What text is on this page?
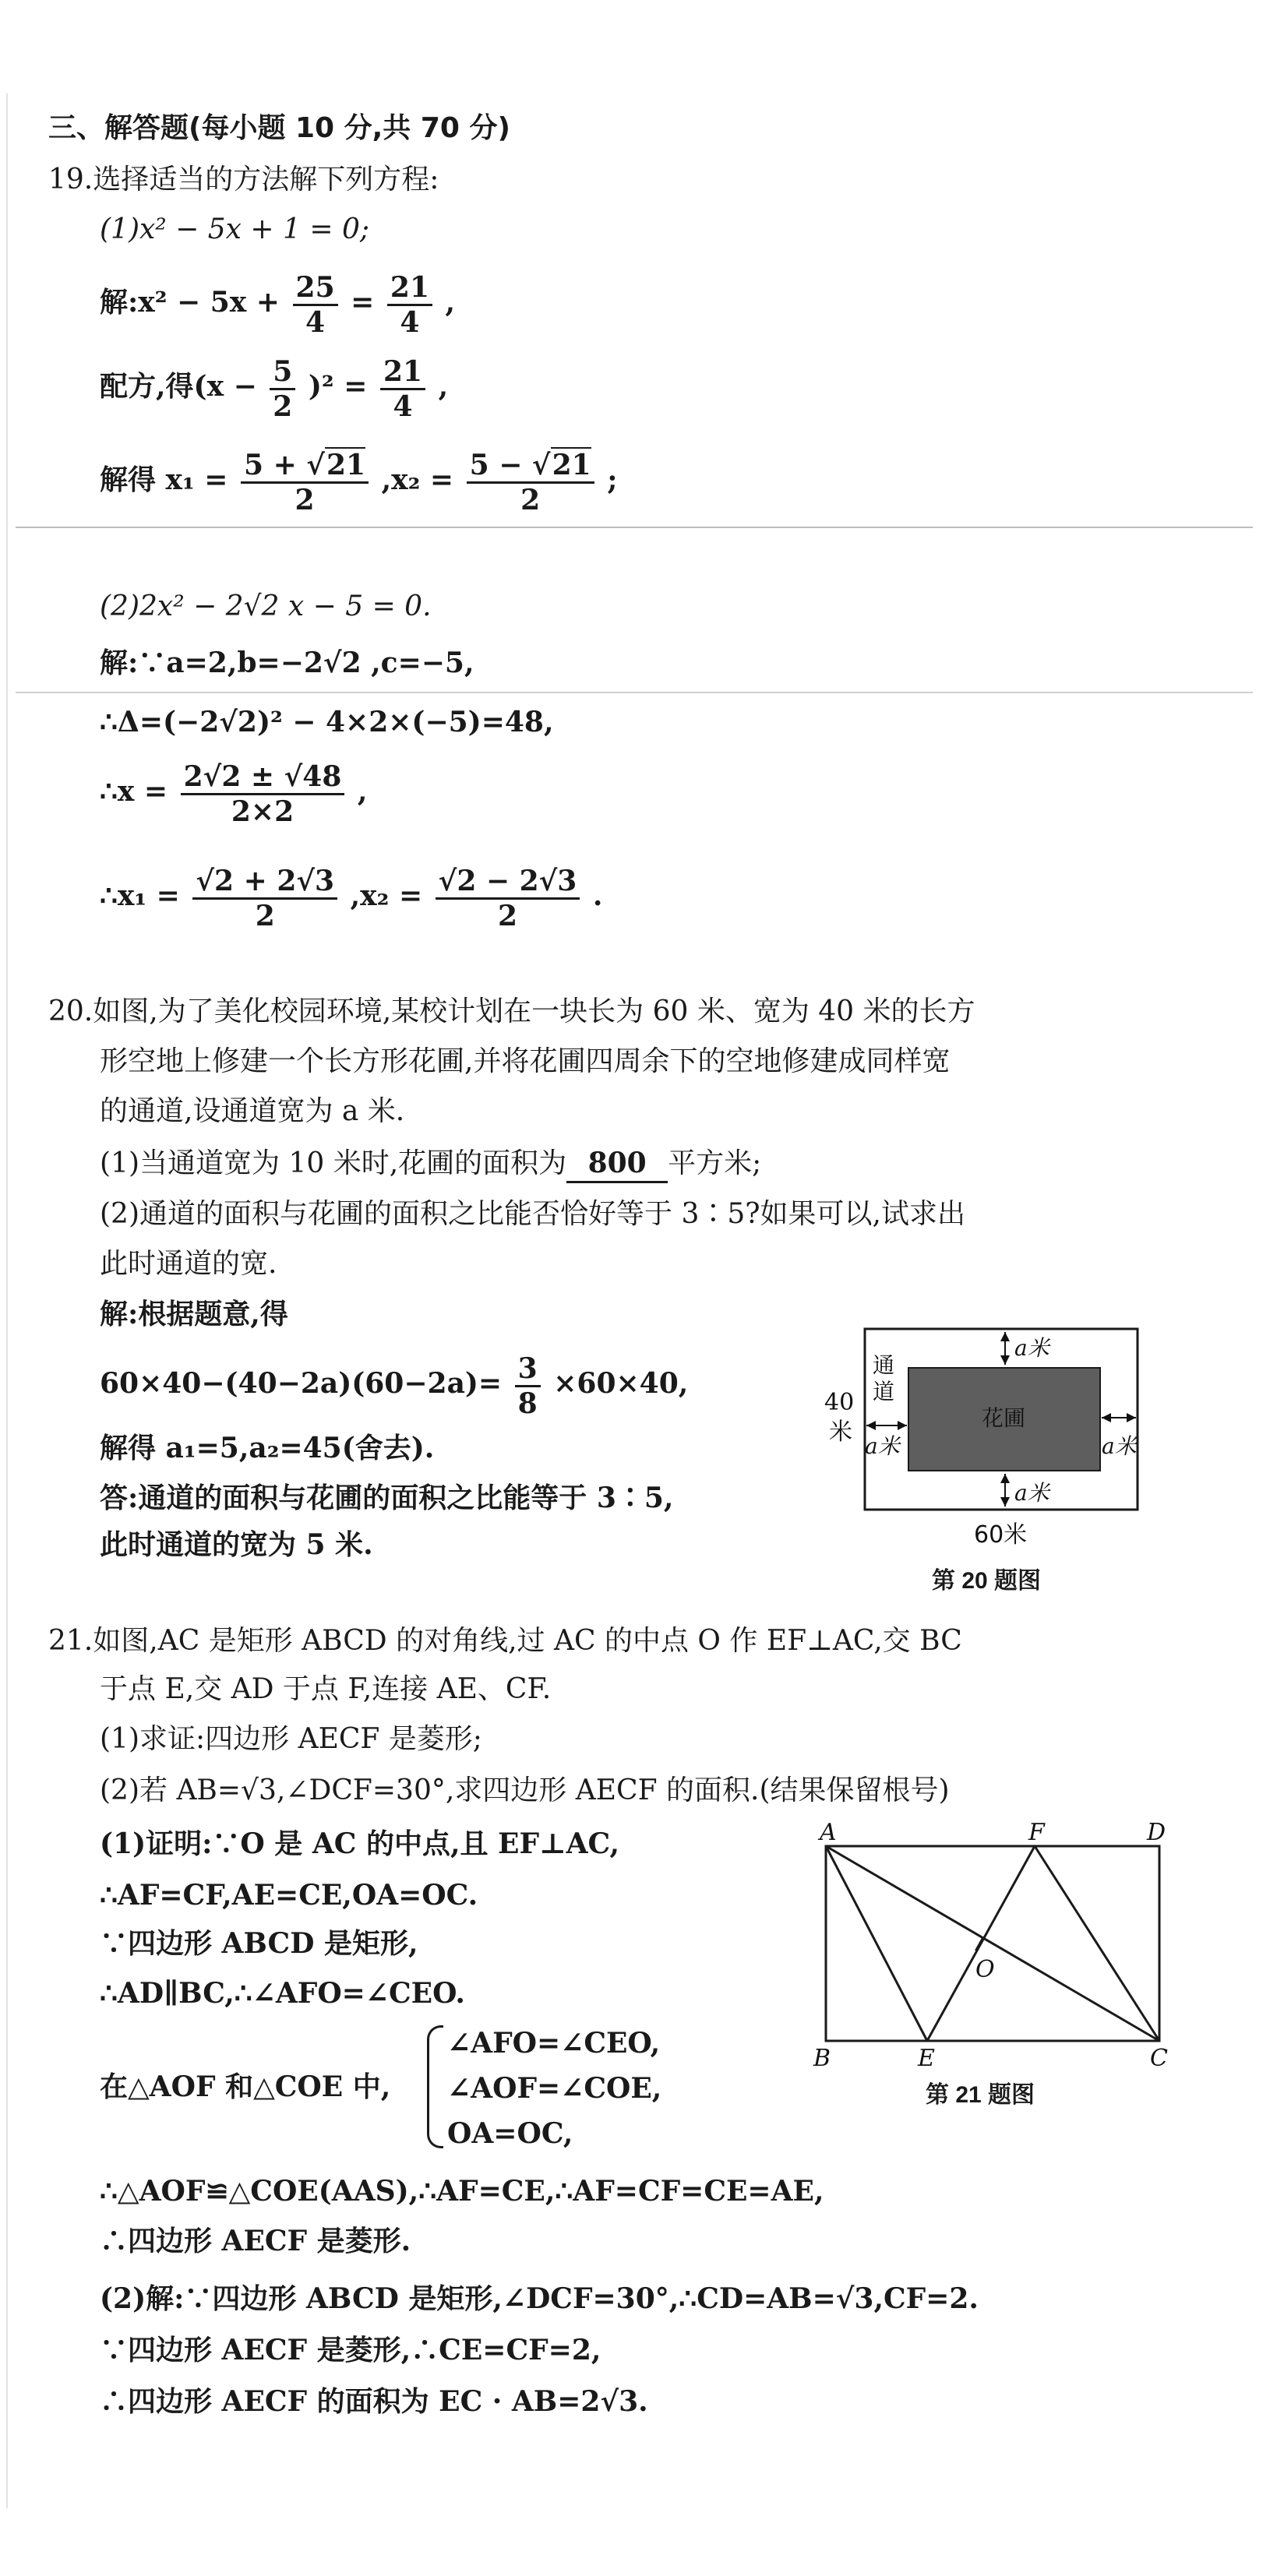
三、解答题(每小题 10 分,共 70 分)
19.选择适当的方法解下列方程:
(1)x² − 5x + 1 = 0;
解:x² − $5x + \frac{25}{4} = \frac{21}{4}$ ,
配方,得$(x - \frac{5}{2} )^2 = \frac{21}{4}$ ,
解得 $x_1 = \frac{5 + √21}{2} ,x_2 = \frac{5 - √21}{2}$ ;
(2)2x² − 2√2 x − 5 = 0.
解:∵a=2,b=−2√2 ,c=−5,
∴Δ=(−2√2)² − 4×2×(−5)=48,
∴x = $\frac{2√2 \pm √48}{2\times 2}$ ,
∴x₁ = $\frac{√2 + 2√3}{2} ,x_2 = \frac{√2 - 2√3}{2}$ .
20.如图,为了美化校园环境,某校计划在一块长为 60 米、宽为 40 米的长方
形空地上修建一个长方形花圃,并将花圃四周余下的空地修建成同样宽
的通道,设通道宽为 a 米.
(1)当通道宽为 10 米时,花圃的面积为 800 平方米;
(2)通道的面积与花圃的面积之比能否恰好等于 3∶5?如果可以,试求出
此时通道的宽.
解:根据题意,得
$60\times 40-(40-2a)(60-2a)= \frac{3}{8} \times 60\times 40$,
解得 a₁=5,a₂=45(舍去).
答:通道的面积与花圃的面积之比能等于 3∶5,
此时通道的宽为 5 米.
花圃
通
道
a米
a米
a米	a米
40
米
60米
第 20 题图
21.如图,AC 是矩形 ABCD 的对角线,过 AC 的中点 O 作 EF⊥AC,交 BC
于点 E,交 AD 于点 F,连接 AE、CF.
(1)求证:四边形 AECF 是菱形;
(2)若 AB=√3,∠DCF=30°,求四边形 AECF 的面积.(结果保留根号)
(1)证明:∵O 是 AC 的中点,且 EF⊥AC,
∴AF=CF,AE=CE,OA=OC.
∵四边形 ABCD 是矩形,
∴AD∥BC,∴∠AFO=∠CEO.
在△AOF 和△COE 中,
∠AFO=∠CEO,
∠AOF=∠COE,
OA=OC,
∴△AOF≌△COE(AAS),∴AF=CE,∴AF=CF=CE=AE,
∴四边形 AECF 是菱形.
(2)解:∵四边形 ABCD 是矩形,∠DCF=30°,∴CD=AB=√3,CF=2.
∵四边形 AECF 是菱形,∴CE=CF=2,
∴四边形 AECF 的面积为 EC · AB=2√3.
A	F	D
B	E	C
O
第 21 题图
